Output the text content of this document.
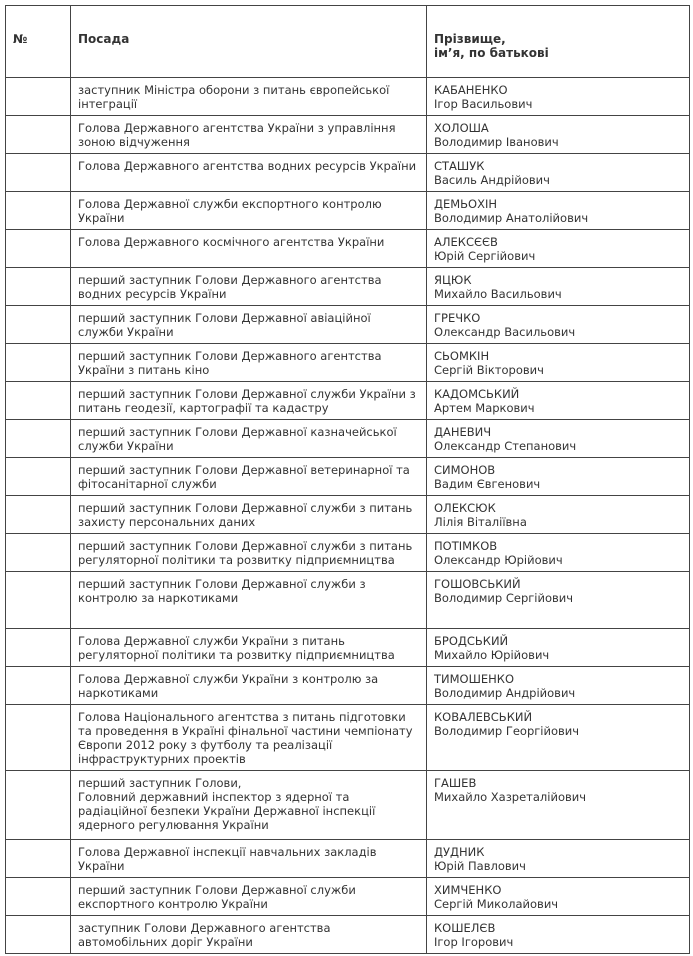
№	Посада	Прізвище,
ім’я, по батькові

	заступник Міністра оборони з питань європейської
інтеграції	КАБАНЕНКО
Ігор Васильович

	Голова Державного агентства України з управління
зоною відчуження	ХОЛОША
Володимир Іванович

	Голова Державного агентства водних ресурсів України	СТАШУК
Василь Андрійович

	Голова Державної служби експортного контролю
України	ДЕМЬОХІН
Володимир Анатолійович

	Голова Державного космічного агентства України	АЛЕКСЄЄВ
Юрій Сергійович

	перший заступник Голови Державного агентства
водних ресурсів України	ЯЦЮК
Михайло Васильович

	перший заступник Голови Державної авіаційної
служби України	ГРЕЧКО
Олександр Васильович

	перший заступник Голови Державного агентства
України з питань кіно	СЬОМКІН
Сергій Вікторович

	перший заступник Голови Державної служби України з
питань геодезії, картографії та кадастру	КАДОМСЬКИЙ
Артем Маркович

	перший заступник Голови Державної казначейської
служби України	ДАНЕВИЧ
Олександр Степанович

	перший заступник Голови Державної ветеринарної та
фітосанітарної служби	СИМОНОВ
Вадим Євгенович

	перший заступник Голови Державної служби з питань
захисту персональних даних	ОЛЕКСЮК
Лілія Віталіївна

	перший заступник Голови Державної служби з питань
регуляторної політики та розвитку підприємництва	ПОТІМКОВ
Олександр Юрійович

	перший заступник Голови Державної служби з
контролю за наркотиками	ГОШОВСЬКИЙ
Володимир Сергійович

	Голова Державної служби України з питань
регуляторної політики та розвитку підприємництва	БРОДСЬКИЙ
Михайло Юрійович

	Голова Державної служби України з контролю за
наркотиками	ТИМОШЕНКО
Володимир Андрійович

	Голова Національного агентства з питань підготовки
та проведення в Україні фінальної частини чемпіонату
Європи 2012 року з футболу та реалізації
інфраструктурних проектів	КОВАЛЕВСЬКИЙ
Володимир Георгійович

	перший заступник Голови,
Головний державний інспектор з ядерної та
радіаційної безпеки України Державної інспекції
ядерного регулювання України	ГАШЕВ
Михайло Хазреталійович

	Голова Державної інспекції навчальних закладів
України	ДУДНИК
Юрій Павлович

	перший заступник Голови Державної служби
експортного контролю України	ХИМЧЕНКО
Сергій Миколайович

	заступник Голови Державного агентства
автомобільних доріг України	КОШЕЛЄВ
Ігор Ігорович
